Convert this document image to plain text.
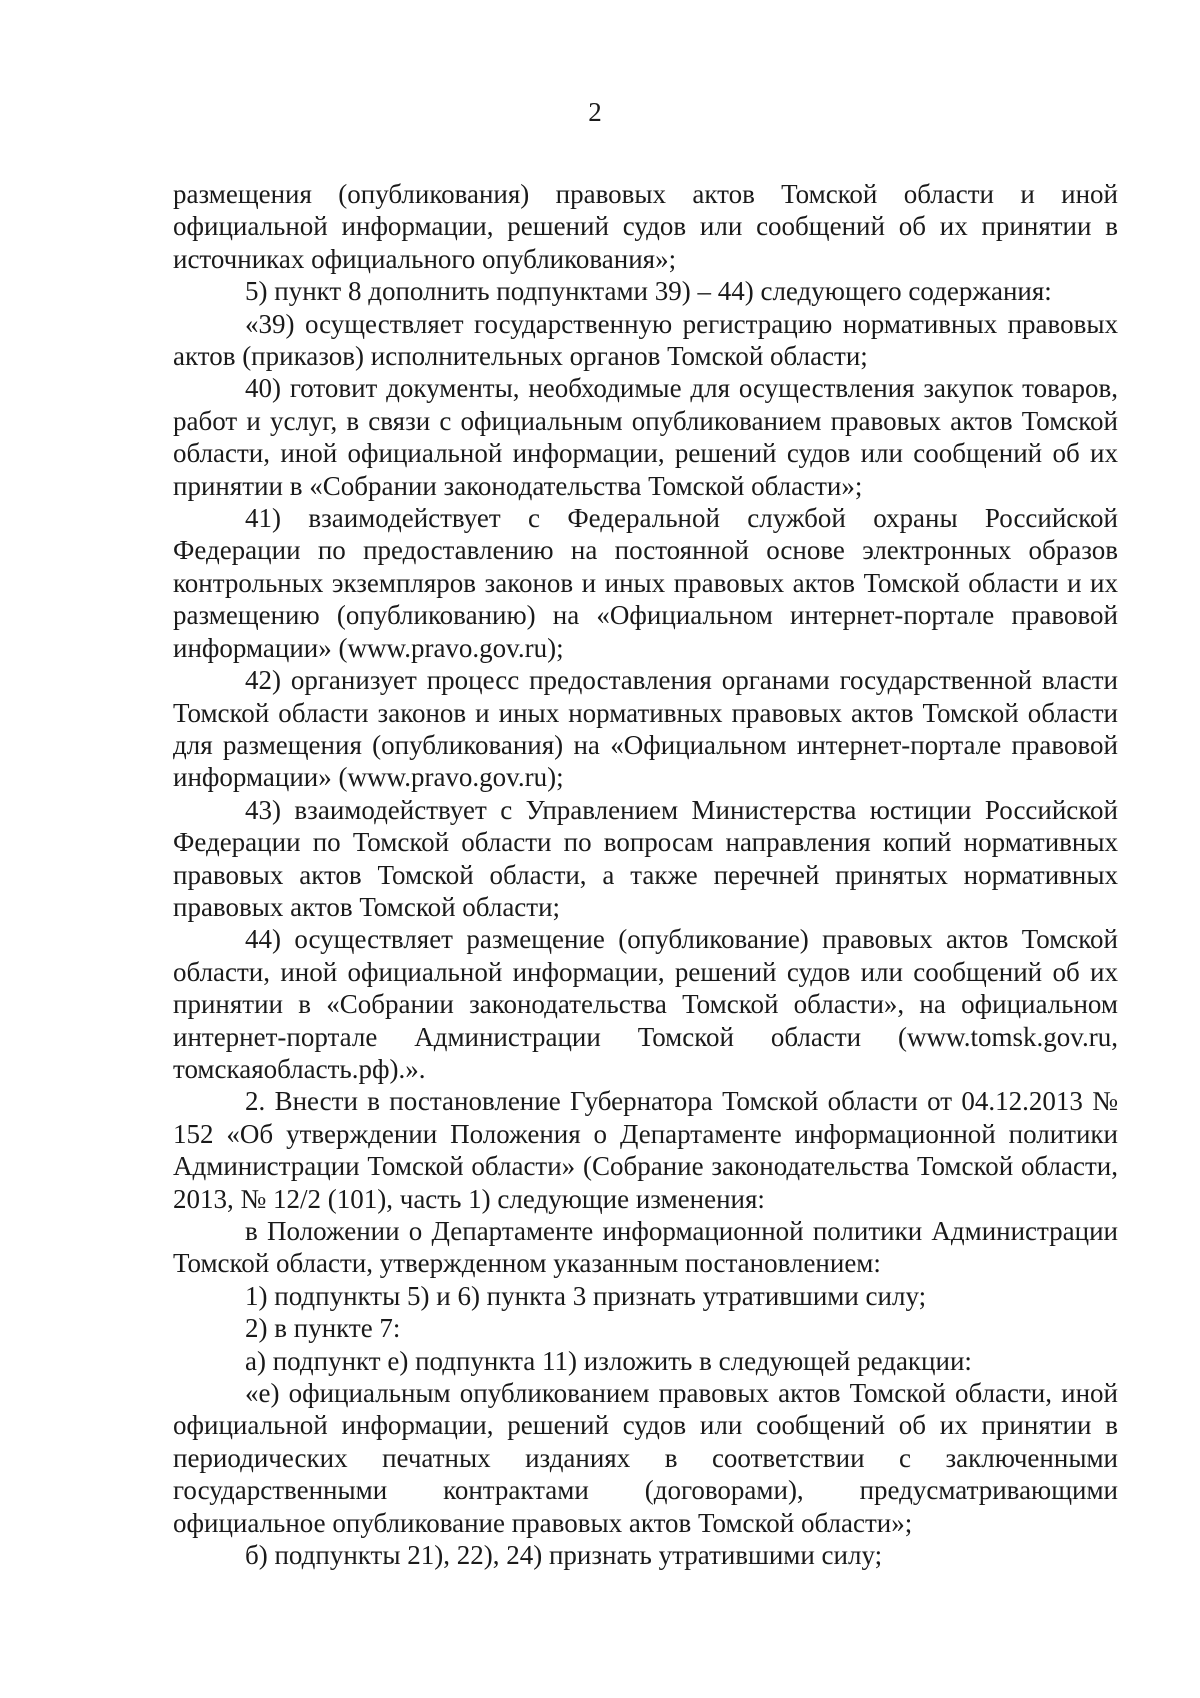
2

размещения (опубликования) правовых актов Томской области и иной официальной информации, решений судов или сообщений об их принятии в источниках официального опубликования»;

5) пункт 8 дополнить подпунктами 39) – 44) следующего содержания:

«39) осуществляет государственную регистрацию нормативных правовых актов (приказов) исполнительных органов Томской области;

40) готовит документы, необходимые для осуществления закупок товаров, работ и услуг, в связи с официальным опубликованием правовых актов Томской области, иной официальной информации, решений судов или сообщений об их принятии в «Собрании законодательства Томской области»;

41) взаимодействует с Федеральной службой охраны Российской Федерации по предоставлению на постоянной основе электронных образов контрольных экземпляров законов и иных правовых актов Томской области и их размещению (опубликованию) на «Официальном интернет-портале правовой информации» (www.pravo.gov.ru);

42) организует процесс предоставления органами государственной власти Томской области законов и иных нормативных правовых актов Томской области для размещения (опубликования) на «Официальном интернет-портале правовой информации» (www.pravo.gov.ru);

43) взаимодействует с Управлением Министерства юстиции Российской Федерации по Томской области по вопросам направления копий нормативных правовых актов Томской области, а также перечней принятых нормативных правовых актов Томской области;

44) осуществляет размещение (опубликование) правовых актов Томской области, иной официальной информации, решений судов или сообщений об их принятии в «Собрании законодательства Томской области», на официальном интернет-портале Администрации Томской области (www.tomsk.gov.ru, томскаяобласть.рф).».

2. Внести в постановление Губернатора Томской области от 04.12.2013 № 152 «Об утверждении Положения о Департаменте информационной политики Администрации Томской области» (Собрание законодательства Томской области, 2013, № 12/2 (101), часть 1) следующие изменения:

в Положении о Департаменте информационной политики Администрации Томской области, утвержденном указанным постановлением:

1) подпункты 5) и 6) пункта 3 признать утратившими силу;

2) в пункте 7:

а) подпункт е) подпункта 11) изложить в следующей редакции:

«е) официальным опубликованием правовых актов Томской области, иной официальной информации, решений судов или сообщений об их принятии в периодических печатных изданиях в соответствии с заключенными государственными контрактами (договорами), предусматривающими официальное опубликование правовых актов Томской области»;

б) подпункты 21), 22), 24) признать утратившими силу;
